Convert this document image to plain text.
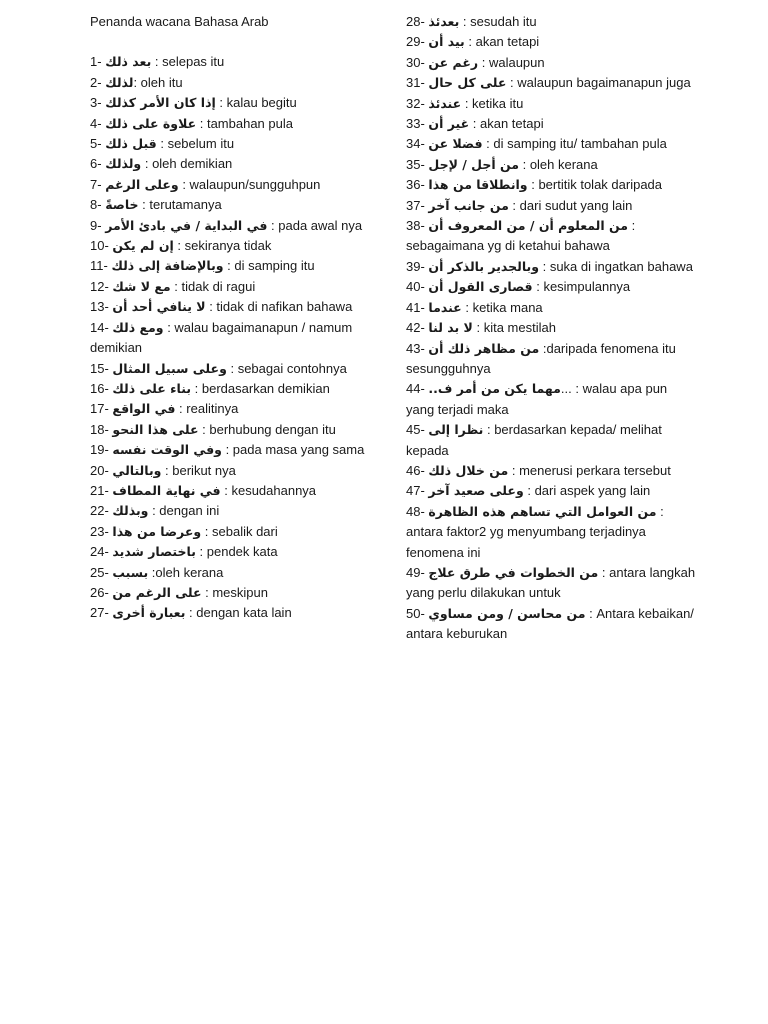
Penanda wacana Bahasa Arab
1- بعد ذلك : selepas itu
2- لذلك: oleh itu
3- إذا كان الأمر كذلك : kalau begitu
4- علاوة على ذلك : tambahan pula
5- قبل ذلك : sebelum itu
6- ولذلك : oleh demikian
7- وعلى الرغم : walaupun/sungguhpun
8- خاصةً : terutamanya
9- في البداية / في بادئ الأمر : pada awal nya
10- إن لم يكن : sekiranya tidak
11- وبالإضافة إلى ذلك : di samping itu
12- مع لا شك : tidak di ragui
13- لا ينافي أحد أن : tidak di nafikan bahawa
14- ومع ذلك : walau bagaimanapun / namum demikian
15- وعلى سبيل المثال : sebagai contohnya
16- بناء على ذلك : berdasarkan demikian
17- في الواقع : realitinya
18- على هذا النحو : berhubung dengan itu
19- وفي الوقت نفسه : pada masa yang sama
20- وبالتالي : berikut nya
21- في نهاية المطاف : kesudahannya
22- وبذلك : dengan ini
23- وعرضا من هذا : sebalik dari
24- باختصار شديد : pendek kata
25- بسبب :oleh kerana
26- على الرغم من : meskipun
27- بعبارة أخرى : dengan kata lain
28- بعدئذ : sesudah itu
29- بيد أن : akan tetapi
30- رغم عن : walaupun
31- على كل حال : walaupun bagaimanapun juga
32- عندئذ : ketika itu
33- غير أن : akan tetapi
34- فضلا عن : di samping itu/ tambahan pula
35- من أجل / لإجل : oleh kerana
36- وانطلاقا من هذا : bertitik tolak daripada
37- من جانب آخر : dari sudut yang lain
38- من المعلوم أن / من المعروف أن : sebagaimana yg di ketahui bahawa
39- وبالجدير بالذكر أن : suka di ingatkan bahawa
40- قصارى القول أن : kesimpulannya
41- عندما : ketika mana
42- لا بد لنا : kita mestilah
43- من مظاهر ذلك أن :daripada fenomena itu sesungguhnya
44- مهما يكن من أمر ف..... : walau apa pun yang terjadi maka
45- نظرا إلى : berdasarkan kepada/ melihat kepada
46- من خلال ذلك : menerusi perkara tersebut
47- وعلى صعيد آخر : dari aspek yang lain
48- من العوامل التي تساهم هذه الظاهرة : antara faktor2 yg menyumbang terjadinya fenomena ini
49- من الخطوات في طرق علاج : antara langkah yang perlu dilakukan untuk
50- من محاسن / ومن مساوي : Antara kebaikan/ antara keburukan
